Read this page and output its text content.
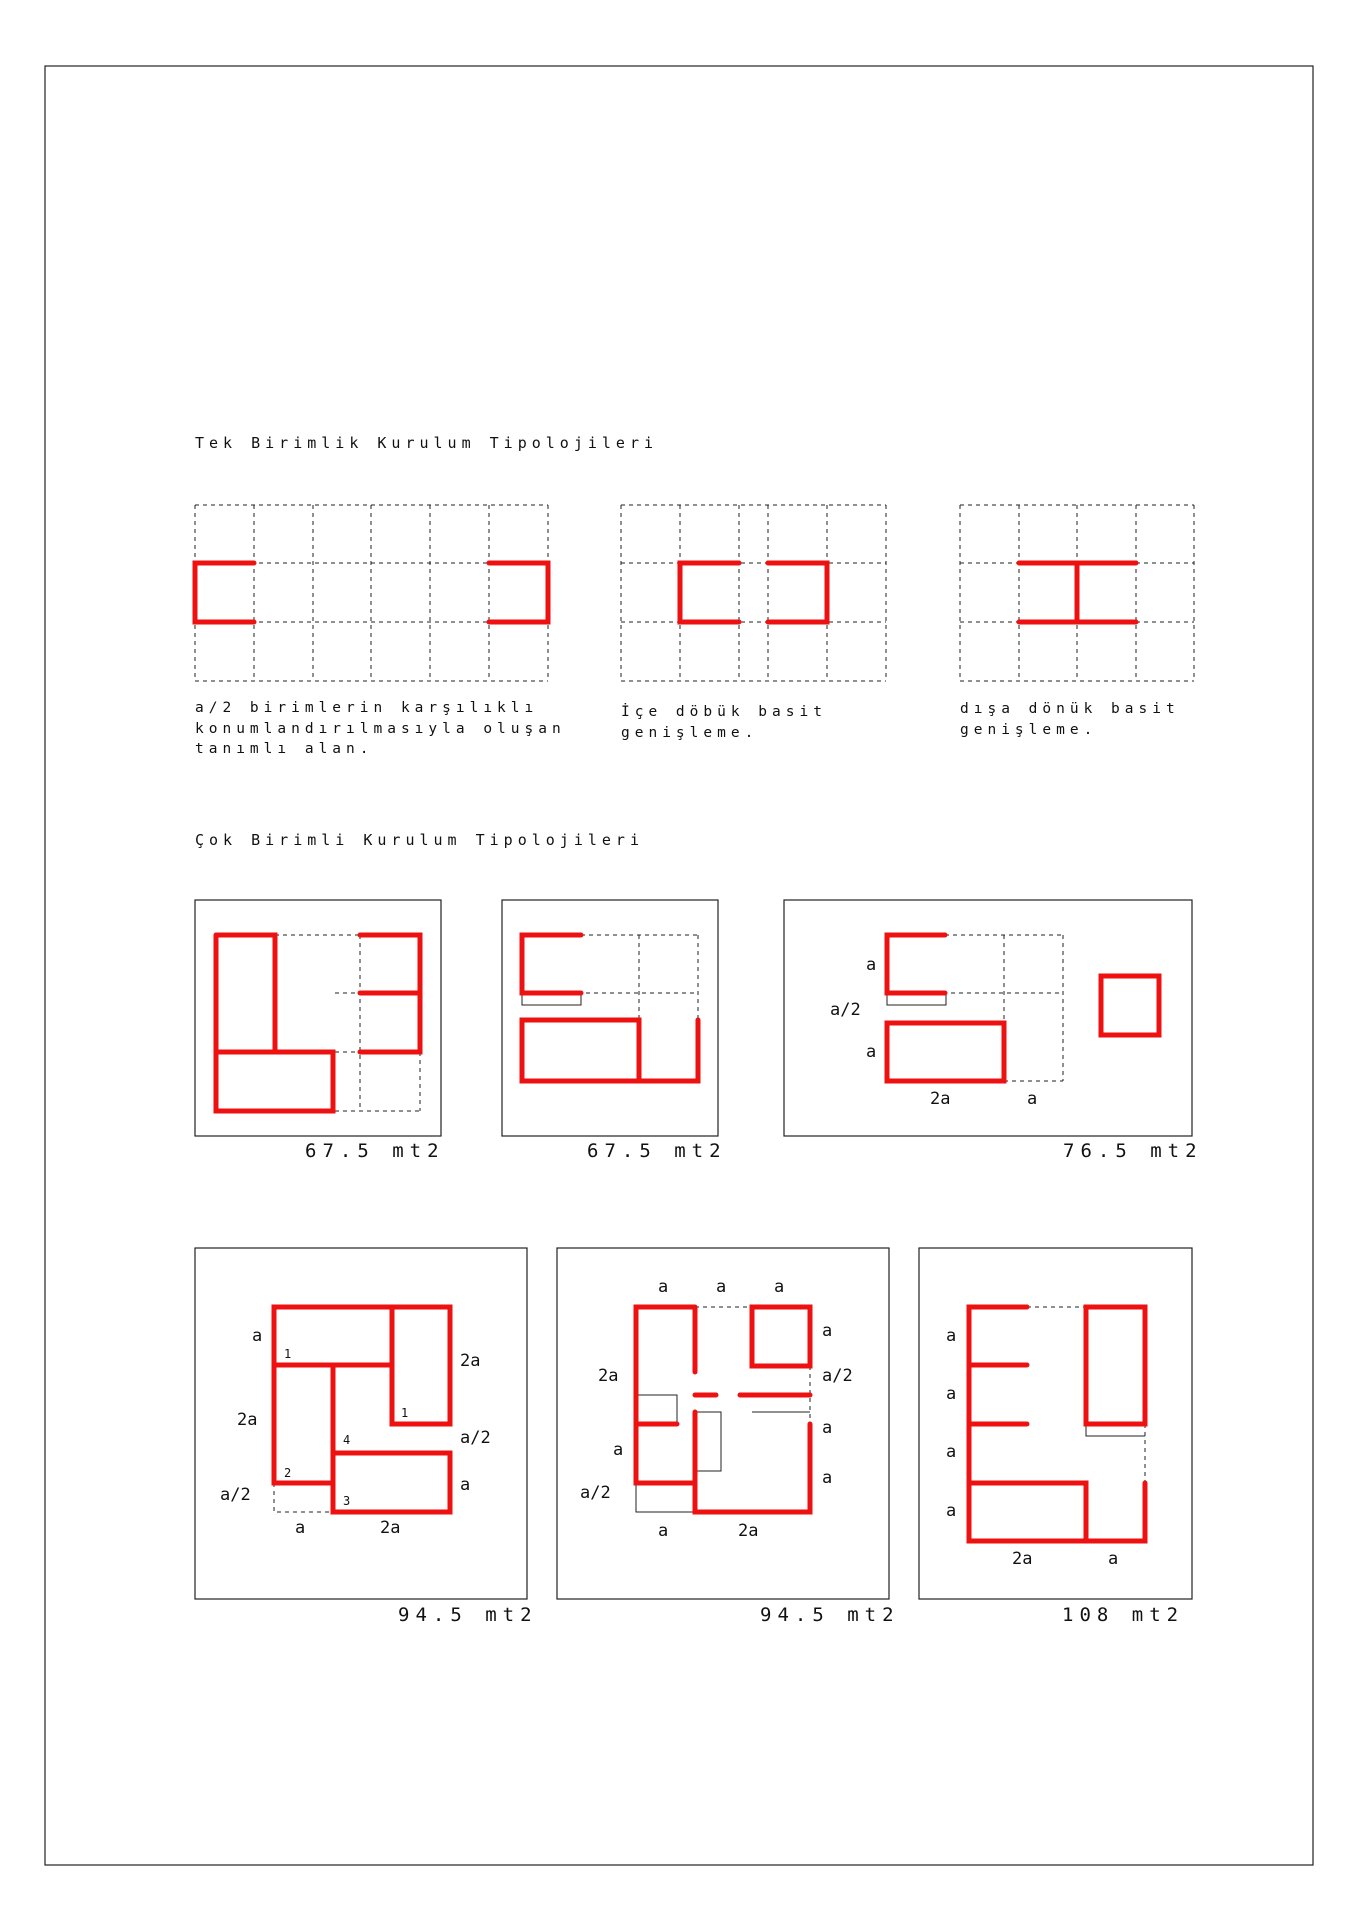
Tek Birimlik Kurulum Tipolojileri
a/2 birimlerin karşılıklı
konumlandırılmasıyla oluşan
tanımlı alan.
İçe döbük basit
genişleme.
dışa dönük basit
genişleme.
Çok Birimli Kurulum Tipolojileri
67.5 mt2	67.5 mt2
a
a/2
a
2a	a
76.5 mt2
a
2a
a/2
a	2a
2a
a/2
a
1
1
4
2
3
94.5 mt2
a	a	a
2a
a
a/2
a
a
a/2
a
2a
a
94.5 mt2
a
a
a
a
2a	a
108 mt2
